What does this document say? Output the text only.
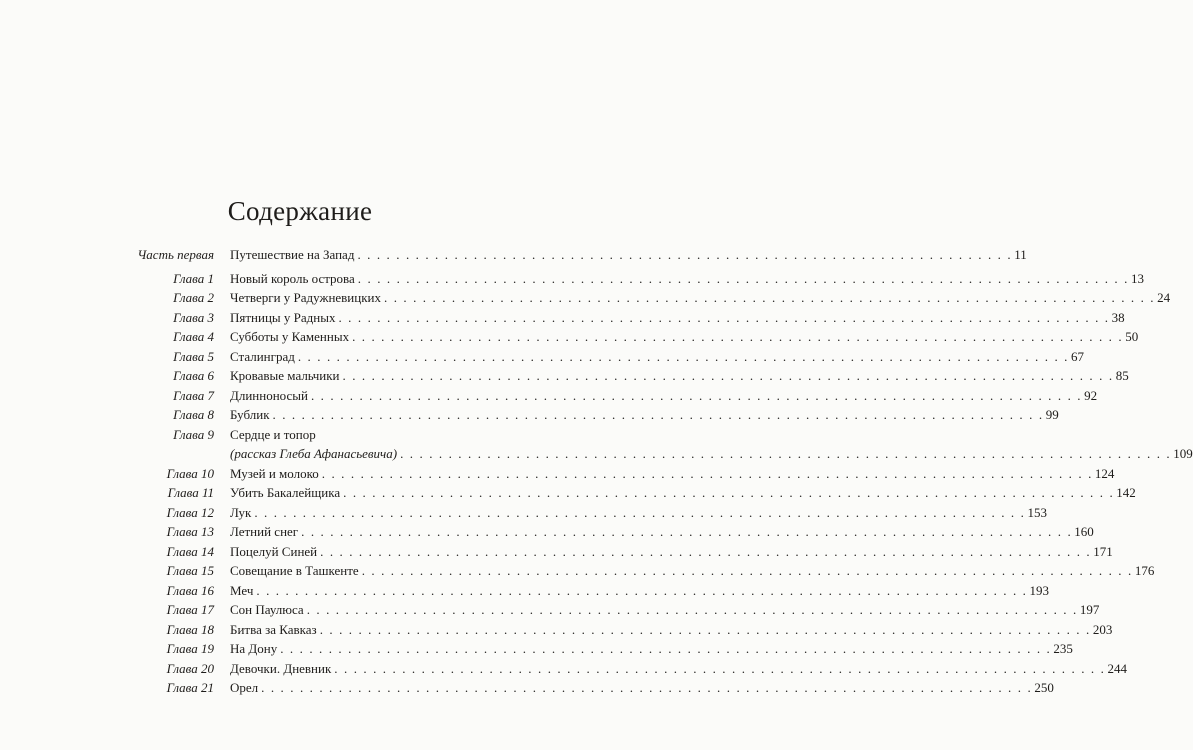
Содержание
Часть первая Путешествие на Запад . . . . . . . . . . . . . . . . . . . . . . . . . . . . . . . . . . . . . . . . . . . . . . . . . . . . . . . . . . . . . . . . . . . . 11
Глава 1 Новый король острова . . . . . . . . . . . . . . . . . . . . . . . . . . . . . . . . . . . . . . . . . . . . . . . . . . . . . . . . . . . . . . . . . . . . . . . . . . . . . . . . 13
Глава 2 Четверги у Радужневицких . . . . . . . . . . . . . . . . . . . . . . . . . . . . . . . . . . . . . . . . . . . . . . . . . . . . . . . . . . . . . . . . . . . . . . . . . . . . . . . . 24
Глава 3 Пятницы у Радных . . . . . . . . . . . . . . . . . . . . . . . . . . . . . . . . . . . . . . . . . . . . . . . . . . . . . . . . . . . . . . . . . . . . . . . . . . . . . . . . 38
Глава 4 Субботы у Каменных . . . . . . . . . . . . . . . . . . . . . . . . . . . . . . . . . . . . . . . . . . . . . . . . . . . . . . . . . . . . . . . . . . . . . . . . . . . . . . . . 50
Глава 5 Сталинград . . . . . . . . . . . . . . . . . . . . . . . . . . . . . . . . . . . . . . . . . . . . . . . . . . . . . . . . . . . . . . . . . . . . . . . . . . . . . . . . 67
Глава 6 Кровавые мальчики . . . . . . . . . . . . . . . . . . . . . . . . . . . . . . . . . . . . . . . . . . . . . . . . . . . . . . . . . . . . . . . . . . . . . . . . . . . . . . . . 85
Глава 7 Длинноносый . . . . . . . . . . . . . . . . . . . . . . . . . . . . . . . . . . . . . . . . . . . . . . . . . . . . . . . . . . . . . . . . . . . . . . . . . . . . . . . . 92
Глава 8 Бублик . . . . . . . . . . . . . . . . . . . . . . . . . . . . . . . . . . . . . . . . . . . . . . . . . . . . . . . . . . . . . . . . . . . . . . . . . . . . . . . . 99
Глава 9 Сердце и топор
(рассказ Глеба Афанасьевича) . . . . . . . . . . . . . . . . . . . . . . . . . . . . . . . . . . . . . . . . . . . . . . . . . . . . . . . . . . . . . . . . . . . . . . . . . . . . . . . . 109
Глава 10 Музей и молоко . . . . . . . . . . . . . . . . . . . . . . . . . . . . . . . . . . . . . . . . . . . . . . . . . . . . . . . . . . . . . . . . . . . . . . . . . . . . . . . . 124
Глава 11 Убить Бакалейщика . . . . . . . . . . . . . . . . . . . . . . . . . . . . . . . . . . . . . . . . . . . . . . . . . . . . . . . . . . . . . . . . . . . . . . . . . . . . . . . . 142
Глава 12 Лук . . . . . . . . . . . . . . . . . . . . . . . . . . . . . . . . . . . . . . . . . . . . . . . . . . . . . . . . . . . . . . . . . . . . . . . . . . . . . . . . 153
Глава 13 Летний снег . . . . . . . . . . . . . . . . . . . . . . . . . . . . . . . . . . . . . . . . . . . . . . . . . . . . . . . . . . . . . . . . . . . . . . . . . . . . . . . . 160
Глава 14 Поцелуй Синей . . . . . . . . . . . . . . . . . . . . . . . . . . . . . . . . . . . . . . . . . . . . . . . . . . . . . . . . . . . . . . . . . . . . . . . . . . . . . . . . 171
Глава 15 Совещание в Ташкенте . . . . . . . . . . . . . . . . . . . . . . . . . . . . . . . . . . . . . . . . . . . . . . . . . . . . . . . . . . . . . . . . . . . . . . . . . . . . . . . . 176
Глава 16 Меч . . . . . . . . . . . . . . . . . . . . . . . . . . . . . . . . . . . . . . . . . . . . . . . . . . . . . . . . . . . . . . . . . . . . . . . . . . . . . . . . 193
Глава 17 Сон Паулюса . . . . . . . . . . . . . . . . . . . . . . . . . . . . . . . . . . . . . . . . . . . . . . . . . . . . . . . . . . . . . . . . . . . . . . . . . . . . . . . . 197
Глава 18 Битва за Кавказ . . . . . . . . . . . . . . . . . . . . . . . . . . . . . . . . . . . . . . . . . . . . . . . . . . . . . . . . . . . . . . . . . . . . . . . . . . . . . . . . 203
Глава 19 На Дону . . . . . . . . . . . . . . . . . . . . . . . . . . . . . . . . . . . . . . . . . . . . . . . . . . . . . . . . . . . . . . . . . . . . . . . . . . . . . . . . 235
Глава 20 Девочки. Дневник . . . . . . . . . . . . . . . . . . . . . . . . . . . . . . . . . . . . . . . . . . . . . . . . . . . . . . . . . . . . . . . . . . . . . . . . . . . . . . . . 244
Глава 21 Орел . . . . . . . . . . . . . . . . . . . . . . . . . . . . . . . . . . . . . . . . . . . . . . . . . . . . . . . . . . . . . . . . . . . . . . . . . . . . . . . . 250
